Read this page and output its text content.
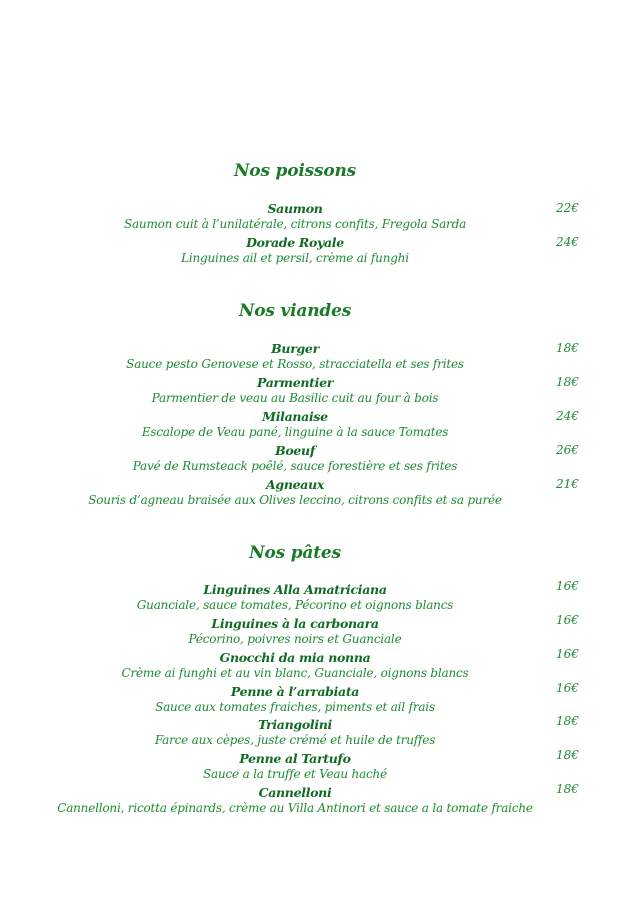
Nos poissons
Saumon	22€
Saumon cuit à l’unilatérale, citrons confits, Fregola Sarda
Dorade Royale	24€
Linguines ail et persil, crème ai funghi
Nos viandes
Burger	18€
Sauce pesto Genovese et Rosso, stracciatella et ses frites
Parmentier	18€
Parmentier de veau au Basilic cuit au four à bois
Milanaise	24€
Escalope de Veau pané, linguine à la sauce Tomates
Boeuf	26€
Pavé de Rumsteack poêlé, sauce forestière et ses frites
Agneaux	21€
Souris d’agneau braisée aux Olives leccino, citrons confits et sa purée
Nos pâtes
Linguines Alla Amatriciana	16€
Guanciale, sauce tomates, Pécorino et oignons blancs
Linguines à la carbonara	16€
Pécorino, poivres noirs et Guanciale
Gnocchi da mia nonna	16€
Crème ai funghi et au vin blanc, Guanciale, oignons blancs
Penne à l’arrabiata	16€
Sauce aux tomates fraiches, piments et ail frais
Triangolini	18€
Farce aux cèpes, juste crémé et huile de truffes
Penne al Tartufo	18€
Sauce a la truffe et Veau haché
Cannelloni	18€
Cannelloni, ricotta épinards, crème au Villa Antinori et sauce a la tomate fraiche
